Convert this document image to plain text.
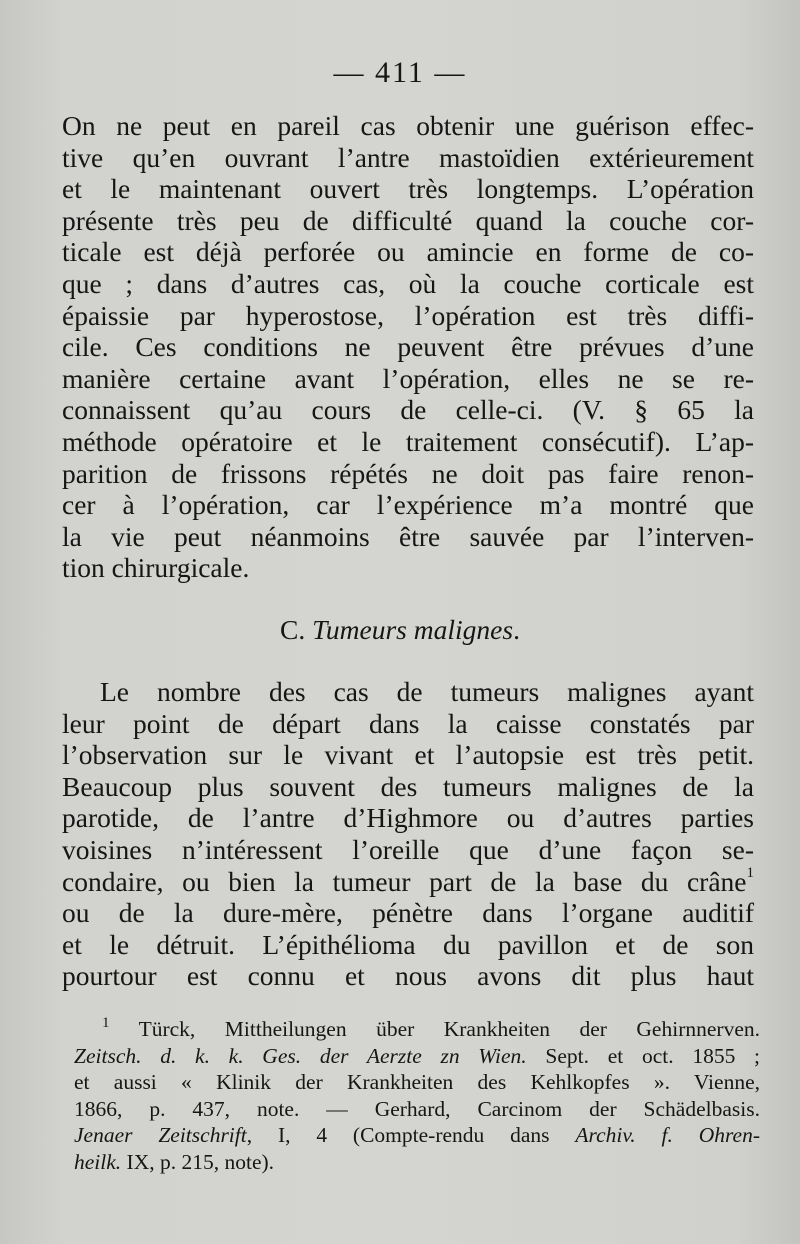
— 411 —
On ne peut en pareil cas obtenir une guérison effec-
tive qu’en ouvrant l’antre mastoïdien extérieurement
et le maintenant ouvert très longtemps. L’opération
présente très peu de difficulté quand la couche cor-
ticale est déjà perforée ou amincie en forme de co-
que ; dans d’autres cas, où la couche corticale est
épaissie par hyperostose, l’opération est très diffi-
cile. Ces conditions ne peuvent être prévues d’une
manière certaine avant l’opération, elles ne se re-
connaissent qu’au cours de celle-ci. (V. § 65 la
méthode opératoire et le traitement consécutif). L’ap-
parition de frissons répétés ne doit pas faire renon-
cer à l’opération, car l’expérience m’a montré que
la vie peut néanmoins être sauvée par l’interven-
tion chirurgicale.
C. Tumeurs malignes.
Le nombre des cas de tumeurs malignes ayant
leur point de départ dans la caisse constatés par
l’observation sur le vivant et l’autopsie est très petit.
Beaucoup plus souvent des tumeurs malignes de la
parotide, de l’antre d’Highmore ou d’autres parties
voisines n’intéressent l’oreille que d’une façon se-
condaire, ou bien la tumeur part de la base du crâne$^1$
ou de la dure-mère, pénètre dans l’organe auditif
et le détruit. L’épithélioma du pavillon et de son
pourtour est connu et nous avons dit plus haut
$^1$ Türck, Mittheilungen über Krankheiten der Gehirnnerven.
Zeitsch. d. k. k. Ges. der Aerzte zn Wien. Sept. et oct. 1855 ;
et aussi « Klinik der Krankheiten des Kehlkopfes ». Vienne,
1866, p. 437, note. — Gerhard, Carcinom der Schädelbasis.
Jenaer Zeitschrift, I, 4 (Compte-rendu dans Archiv. f. Ohren-
heilk. IX, p. 215, note).
